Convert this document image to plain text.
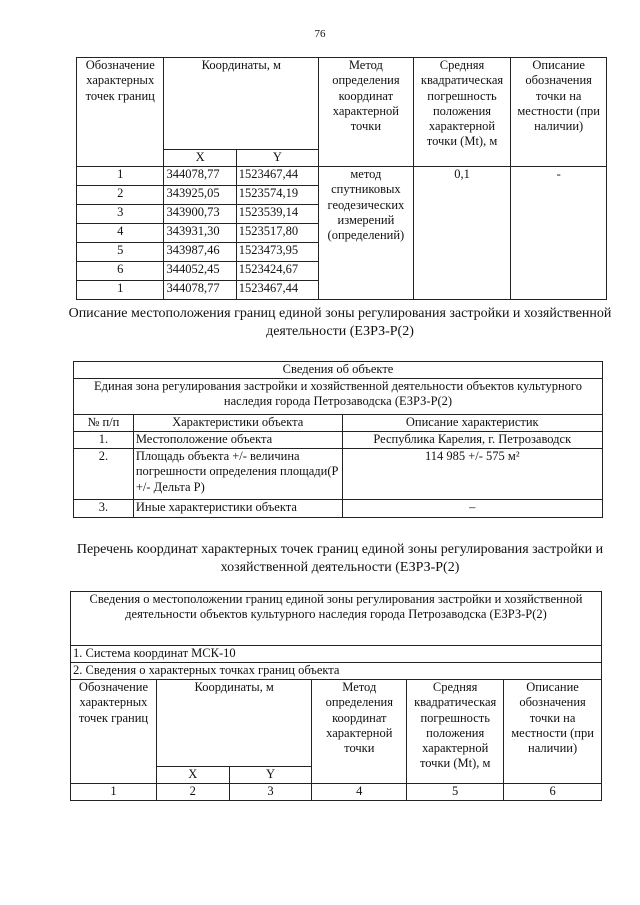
76
Обозначение характерных точек границ	Координаты, м		Метод определения координат характерной точки	Средняя квадратическая погрешность положения характерной точки (Mt), м	Описание обозначения точки на местности (при наличии)
	X	Y			
1	344078,77	1523467,44	метод спутниковых геодезических измерений (определений)	0,1	-
2	343925,05	1523574,19			
3	343900,73	1523539,14			
4	343931,30	1523517,80			
5	343987,46	1523473,95			
6	344052,45	1523424,67			
1	344078,77	1523467,44			
Описание местоположения границ единой зоны регулирования застройки и хозяйственной деятельности (ЕЗРЗ-Р(2)
Сведения об объекте		
Единая зона регулирования застройки и хозяйственной деятельности объектов культурного наследия города Петрозаводска (ЕЗРЗ-Р(2)		
№ п/п	Характеристики объекта	Описание характеристик
1.	Местоположение объекта	Республика Карелия, г. Петрозаводск
2.	Площадь объекта +/- величина погрешности определения площади(Р +/- Дельта Р)	114 985 +/- 575 м²
3.	Иные характеристики объекта	–
Перечень координат характерных точек границ единой зоны регулирования застройки и хозяйственной деятельности (ЕЗРЗ-Р(2)
Сведения о местоположении границ единой зоны регулирования застройки и хозяйственной деятельности объектов культурного наследия города Петрозаводска (ЕЗРЗ-Р(2)					
1. Система координат МСК-10					
2. Сведения о характерных точках границ объекта					
Обозначение характерных точек границ	Координаты, м		Метод определения координат характерной точки	Средняя квадратическая погрешность положения характерной точки (Mt), м	Описание обозначения точки на местности (при наличии)
	X	Y			
1	2	3	4	5	6
